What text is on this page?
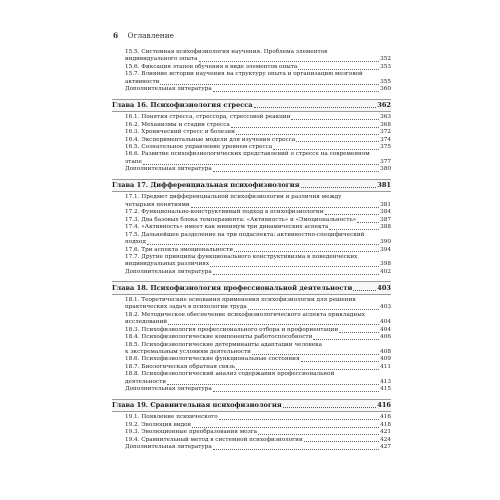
6 Оглавление
15.5. Системная психофизиология научения. Проблема элементов
индивидуального опыта	352
15.6. Фиксация этапов обучения в виде элементов опыта	353
15.7. Влияние истории научения на структуру опыта и организацию мозговой
активности	355
Дополнительная литература	360
Глава 16. Психофизиология стресса	362
16.1. Понятия стресса, стрессора, стрессовой реакции	363
16.2. Механизмы и стадии стресса	368
16.3. Хронический стресс и болезни	372
16.4. Экспериментальные модели для изучения стресса	374
16.5. Сознательное управление уровнем стресса	375
16.6. Развитие психофизиологических представлений о стрессе на современном
этапе	377
Дополнительная литература	380
Глава 17. Дифференциальная психофизиология	381
17.1. Предмет дифференциальной психофизиологии и различия между
четырьмя понятиями	381
17.2. Функционально-конструктивный подход в психофизиологии	384
17.3. Два базовых блока темперамента: «Активность» и «Эмоциональность»	387
17.4. «Активность» имеет как минимум три динамических аспекта	388
17.5. Дальнейшее разделение на три подаспекта: активностно-специфический
подход	390
17.6. Три аспекта эмоциональности	394
17.7. Другие принципы функционального конструктивизма в поведенческих
индивидуальных различиях	398
Дополнительная литература	402
Глава 18. Психофизиология профессиональной деятельности	403
18.1. Теоретические основания применения психофизиологии для решения
практических задач в психологии труда	403
18.2. Методическое обеспечение психофизиологического аспекта прикладных
исследований	404
18.3. Психофизиология профессионального отбора и профориентации	404
18.4. Психофизиологические компоненты работоспособности	406
18.5. Психофизиологические детерминанты адаптации человека
к экстремальным условиям деятельности	408
18.6. Психофизиологические функциональные состояния	409
18.7. Биологическая обратная связь	411
18.8. Психофизиологический анализ содержания профессиональной
деятельности	413
Дополнительная литература	415
Глава 19. Сравнительная психофизиология	416
19.1. Появление психического	416
19.2. Эволюция видов	418
19.3. Эволюционные преобразования мозга	421
19.4. Сравнительный метод в системной психофизиологии	424
Дополнительная литература	427
